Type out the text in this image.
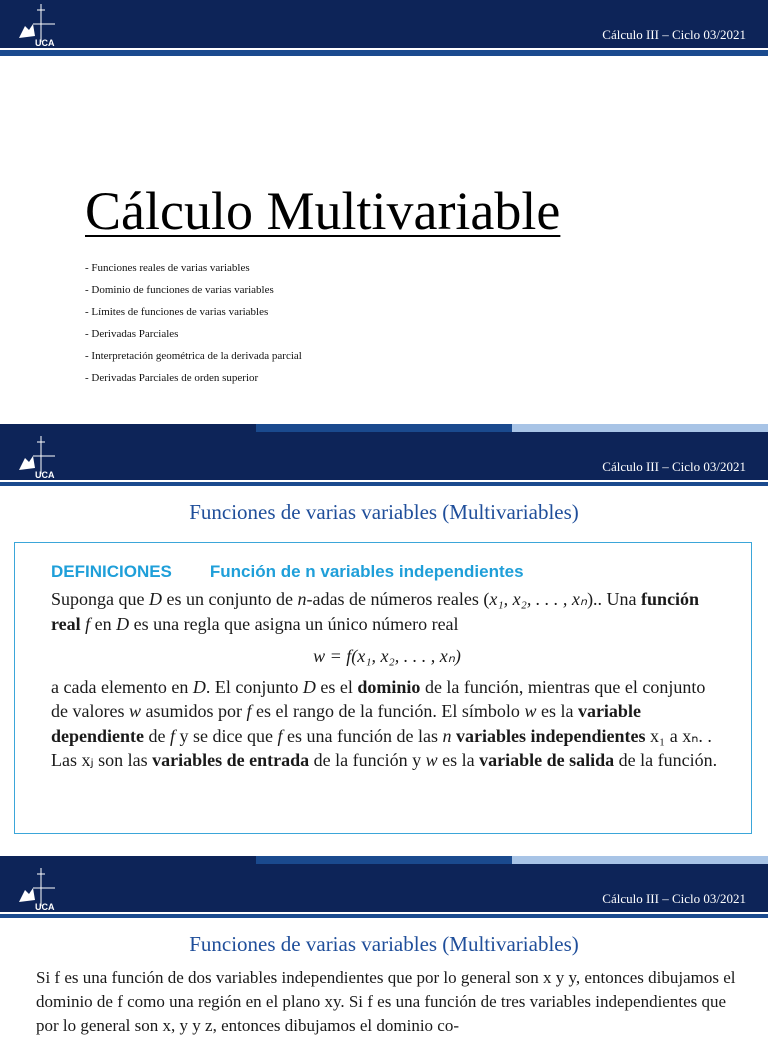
UCA
Cálculo III – Ciclo 03/2021
Cálculo Multivariable
- Funciones reales de varias variables
- Dominio de funciones de varias variables
- Límites de funciones de varias variables
- Derivadas Parciales
- Interpretación geométrica de la derivada parcial
- Derivadas Parciales de orden superior
UCA
Cálculo III – Ciclo 03/2021
Funciones de varias variables (Multivariables)
DEFINICIONES Función de n variables independientes

Suponga que D es un conjunto de n-adas de números reales (x₁, x₂, . . . , xₙ).. Una función real f en D es una regla que asigna un único número real

w = f(x₁, x₂, . . . , xₙ)

a cada elemento en D. El conjunto D es el dominio de la función, mientras que el conjunto de valores w asumidos por f es el rango de la función. El símbolo w es la variable dependiente de f y se dice que f es una función de las n variables independientes x₁ a xₙ. . Las xⱼ son las variables de entrada de la función y w es la variable de salida de la función.

UCA
Cálculo III – Ciclo 03/2021
Funciones de varias variables (Multivariables)
Si f es una función de dos variables independientes que por lo general son x y y, entonces dibujamos el dominio de f como una región en el plano xy. Si f es una función de tres variables independientes que por lo general son x, y y z, entonces dibujamos el dominio co-
